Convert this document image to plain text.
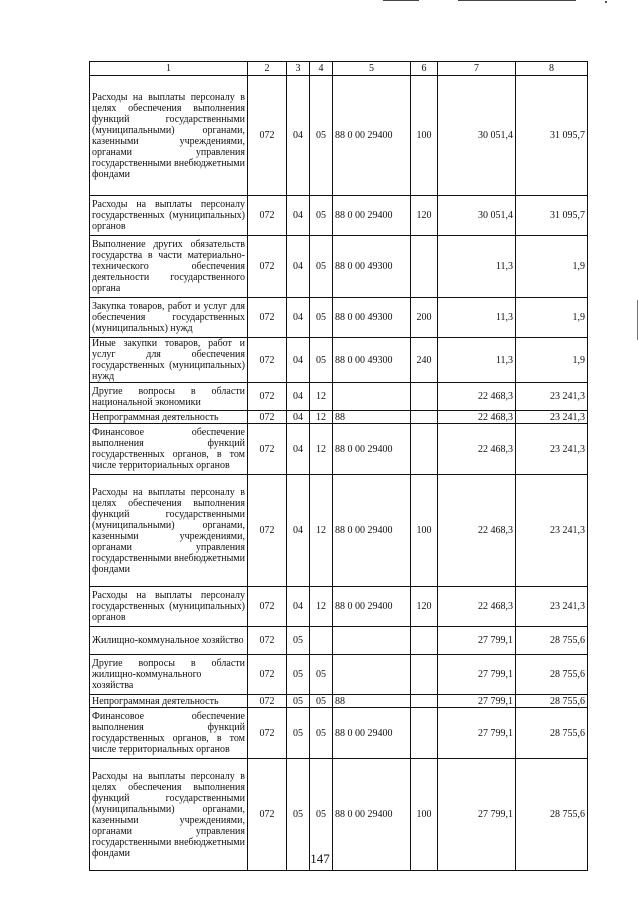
1	2	3	4	5	6	7	8
Расходы на выплаты персоналу в целях обеспечения выполнения функций государственными (муниципальными) органами, казенными учреждениями, органами управления государственными внебюджетными фондами	072	04	05	88 0 00 29400	100	30 051,4	31 095,7
Расходы на выплаты персоналу государственных (муниципальных) органов	072	04	05	88 0 00 29400	120	30 051,4	31 095,7
Выполнение других обязательств государства в части материально-технического обеспечения деятельности государственного органа	072	04	05	88 0 00 49300		11,3	1,9
Закупка товаров, работ и услуг для обеспечения государственных (муниципальных) нужд	072	04	05	88 0 00 49300	200	11,3	1,9
Иные закупки товаров, работ и услуг для обеспечения государственных (муниципальных) нужд	072	04	05	88 0 00 49300	240	11,3	1,9
Другие вопросы в области национальной экономики	072	04	12			22 468,3	23 241,3
Непрограммная деятельность	072	04	12	88		22 468,3	23 241,3
Финансовое обеспечение выполнения функций государственных органов, в том числе территориальных органов	072	04	12	88 0 00 29400		22 468,3	23 241,3
Расходы на выплаты персоналу в целях обеспечения выполнения функций государственными (муниципальными) органами, казенными учреждениями, органами управления государственными внебюджетными фондами	072	04	12	88 0 00 29400	100	22 468,3	23 241,3
Расходы на выплаты персоналу государственных (муниципальных) органов	072	04	12	88 0 00 29400	120	22 468,3	23 241,3
Жилищно-коммунальное хозяйство	072	05				27 799,1	28 755,6
Другие вопросы в области жилищно-коммунального хозяйства	072	05	05			27 799,1	28 755,6
Непрограммная деятельность	072	05	05	88		27 799,1	28 755,6
Финансовое обеспечение выполнения функций государственных органов, в том числе территориальных органов	072	05	05	88 0 00 29400		27 799,1	28 755,6
Расходы на выплаты персоналу в целях обеспечения выполнения функций государственными (муниципальными) органами, казенными учреждениями, органами управления государственными внебюджетными фондами	072	05	05	88 0 00 29400	100	27 799,1	28 755,6
147
